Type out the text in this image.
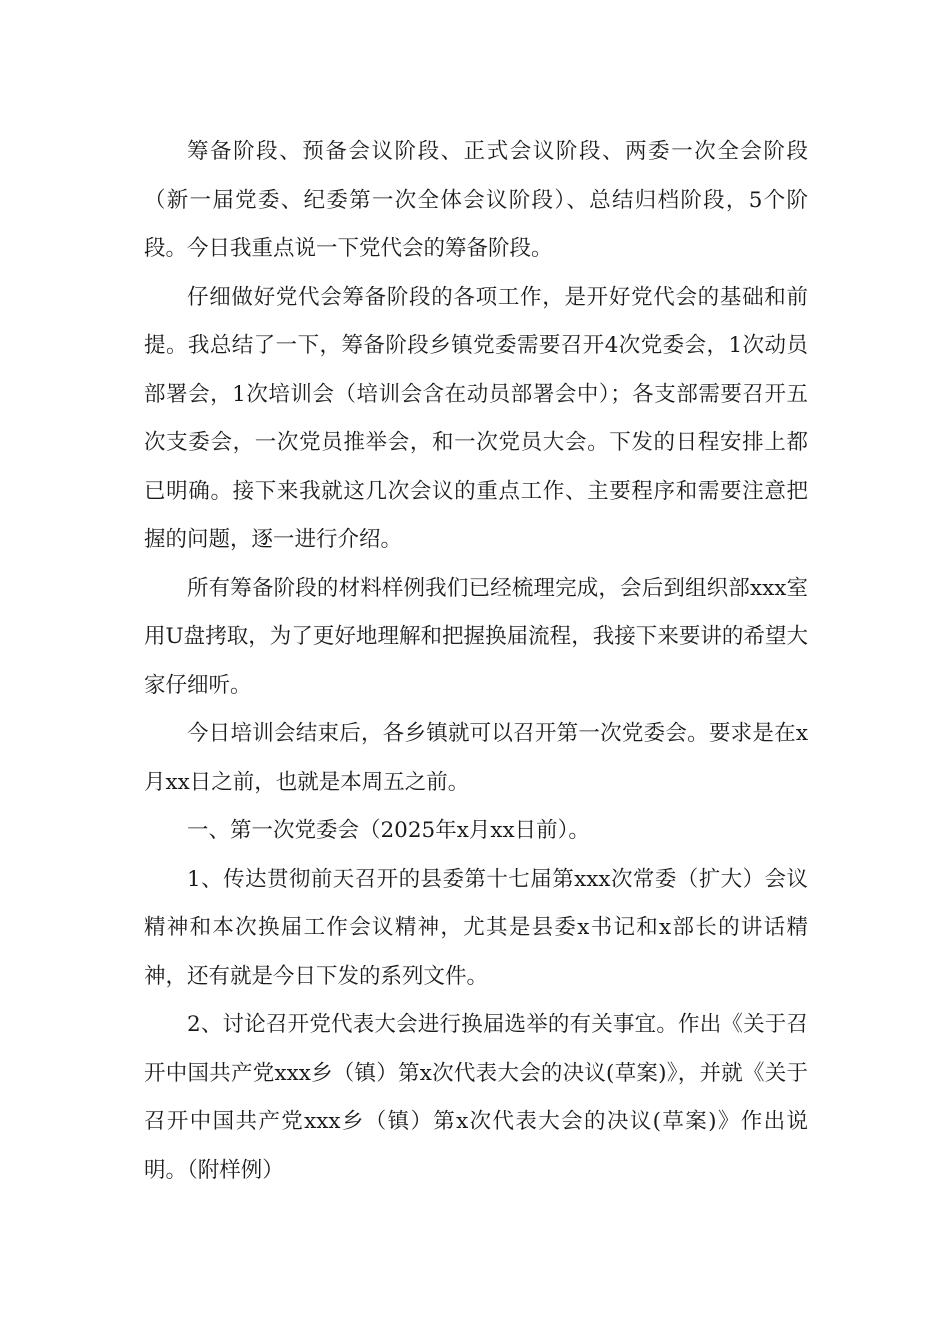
筹备阶段、预备会议阶段、正式会议阶段、两委一次全会阶段（新一届党委、纪委第一次全体会议阶段）、总结归档阶段，5个阶段。今日我重点说一下党代会的筹备阶段。

仔细做好党代会筹备阶段的各项工作，是开好党代会的基础和前提。我总结了一下，筹备阶段乡镇党委需要召开4次党委会，1次动员部署会，1次培训会（培训会含在动员部署会中）；各支部需要召开五次支委会，一次党员推举会，和一次党员大会。下发的日程安排上都已明确。接下来我就这几次会议的重点工作、主要程序和需要注意把握的问题，逐一进行介绍。

所有筹备阶段的材料样例我们已经梳理完成，会后到组织部xxx室用U盘拷取，为了更好地理解和把握换届流程，我接下来要讲的希望大家仔细听。

今日培训会结束后，各乡镇就可以召开第一次党委会。要求是在x月xx日之前，也就是本周五之前。

一、第一次党委会（2025年x月xx日前）。

1、传达贯彻前天召开的县委第十七届第xxx次常委（扩大）会议精神和本次换届工作会议精神，尤其是县委x书记和x部长的讲话精神，还有就是今日下发的系列文件。

2、讨论召开党代表大会进行换届选举的有关事宜。作出《关于召开中国共产党xxx乡（镇）第x次代表大会的决议(草案)》，并就《关于召开中国共产党xxx乡（镇）第x次代表大会的决议(草案)》作出说明。（附样例）
